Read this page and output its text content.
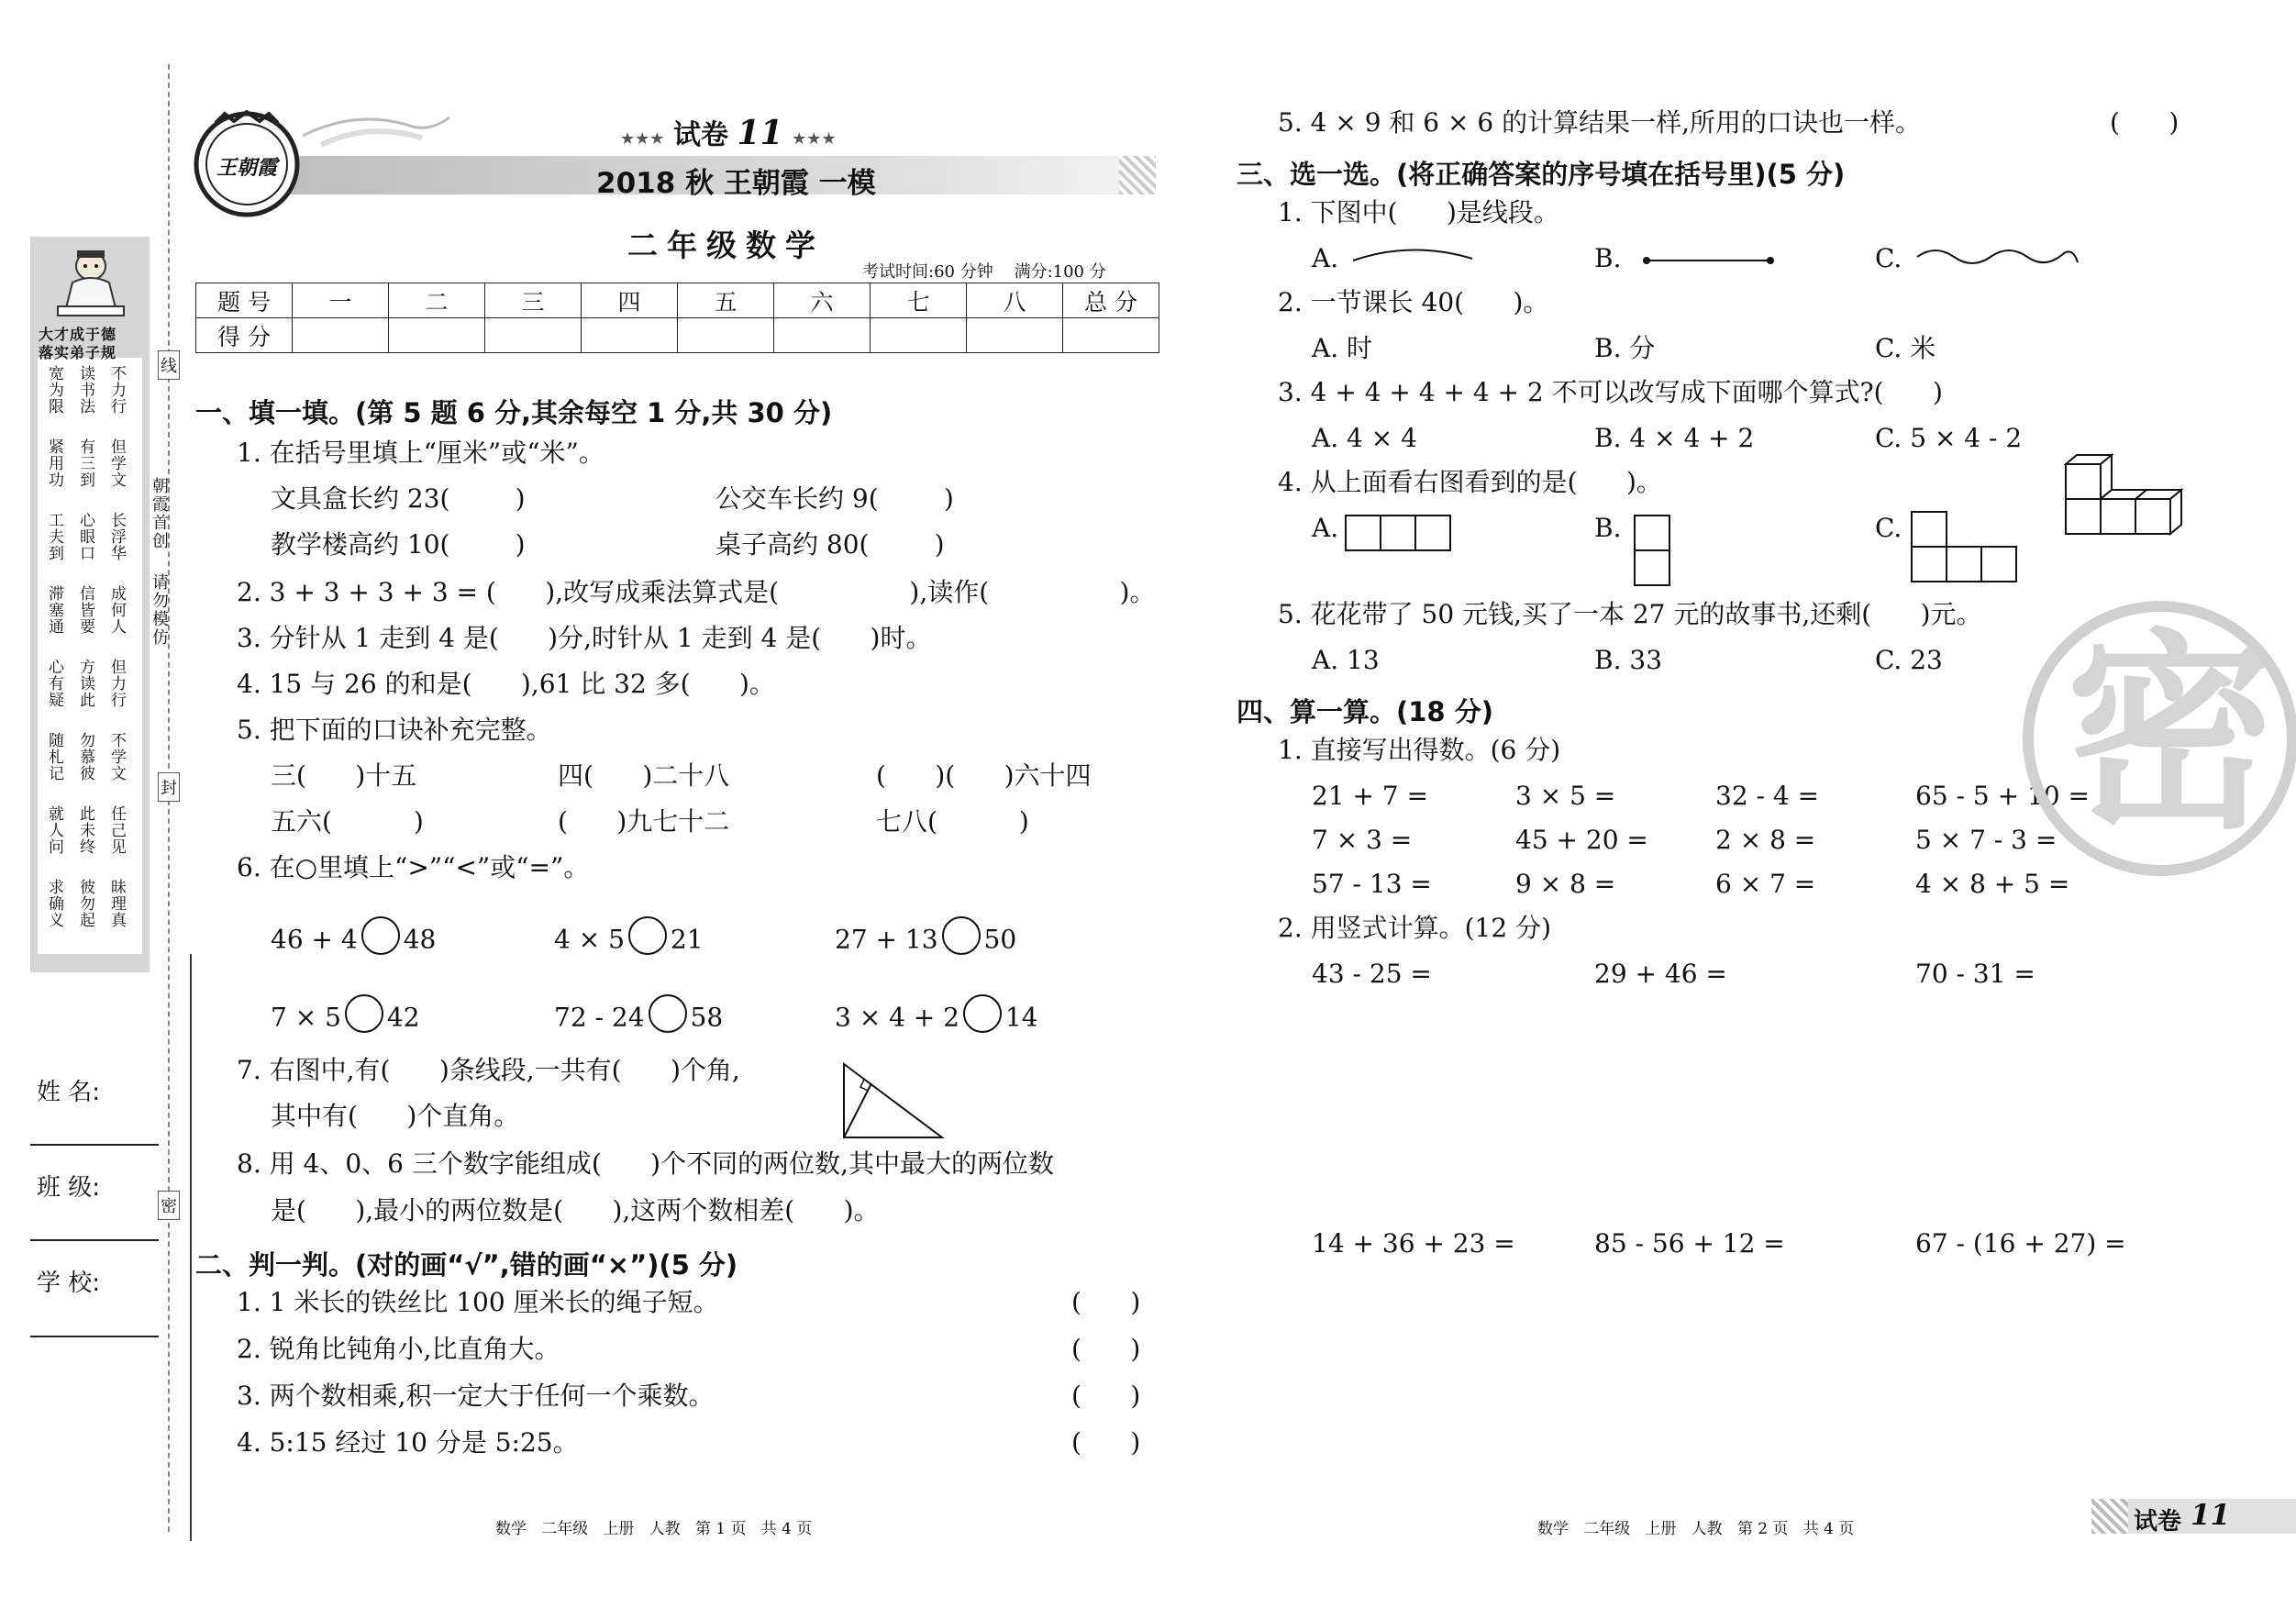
大才成于德
落实弟子规
宽为限
紧用功
工夫到
滞塞通
心有疑
随札记
就人问
求确义
读书法
有三到
心眼口
信皆要
方读此
勿慕彼
此未终
彼勿起
不力行
但学文
长浮华
成何人
但力行
不学文
任己见
昧理真
姓 名:
班 级:
学 校:
朝霞首创
请勿模仿
线
封
密
王朝霞
★★★ 试卷 11 ★★★
2018 秋 王朝霞 一模
二年级数学
考试时间:60 分钟    满分:100 分
题 号	一	二	三	四	五	六	七	八	总 分
得 分									
一、填一填。(第 5 题 6 分,其余每空 1 分,共 30 分)
1. 在括号里填上“厘米”或“米”。
文具盒长约 23(        )	公交车长约 9(        )
教学楼高约 10(        )	桌子高约 80(        )
2. 3 + 3 + 3 + 3 = (      ),改写成乘法算式是(                ),读作(                )。
3. 分针从 1 走到 4 是(      )分,时针从 1 走到 4 是(      )时。
4. 15 与 26 的和是(      ),61 比 32 多(      )。
5. 把下面的口诀补充完整。
三(      )十五	四(      )二十八	(      )(      )六十四
五六(          )	(      )九七十二	七八(          )
6. 在○里填上“>”“<”或“=”。
46 + 4 48	4 × 5 21	27 + 13 50
7 × 5 42	72 - 24 58	3 × 4 + 2 14
7. 右图中,有(      )条线段,一共有(      )个角,
其中有(      )个直角。
8. 用 4、0、6 三个数字能组成(      )个不同的两位数,其中最大的两位数
是(      ),最小的两位数是(      ),这两个数相差(      )。
二、判一判。(对的画“√”,错的画“×”)(5 分)
1. 1 米长的铁丝比 100 厘米长的绳子短。	(      )
2. 锐角比钝角小,比直角大。	(      )
3. 两个数相乘,积一定大于任何一个乘数。	(      )
4. 5:15 经过 10 分是 5:25。	(      )
数学   二年级   上册   人教   第 1 页   共 4 页
5. 4 × 9 和 6 × 6 的计算结果一样,所用的口诀也一样。	(      )
三、选一选。(将正确答案的序号填在括号里)(5 分)
1. 下图中(      )是线段。
A.	B.	C.
2. 一节课长 40(      )。
A. 时	B. 分	C. 米
3. 4 + 4 + 4 + 4 + 2 不可以改写成下面哪个算式?(      )
A. 4 × 4	B. 4 × 4 + 2	C. 5 × 4 - 2
4. 从上面看右图看到的是(      )。
A.	B.	C.
5. 花花带了 50 元钱,买了一本 27 元的故事书,还剩(      )元。
A. 13	B. 33	C. 23
四、算一算。(18 分)
1. 直接写出得数。(6 分)
21 + 7 =	3 × 5 =	32 - 4 =	65 - 5 + 10 =
7 × 3 =	45 + 20 =	2 × 8 =	5 × 7 - 3 =
57 - 13 =	9 × 8 =	6 × 7 =	4 × 8 + 5 =
2. 用竖式计算。(12 分)
43 - 25 =	29 + 46 =	70 - 31 =
14 + 36 + 23 =	85 - 56 + 12 =	67 - (16 + 27) =
密
数学   二年级   上册   人教   第 2 页   共 4 页	试卷 11
